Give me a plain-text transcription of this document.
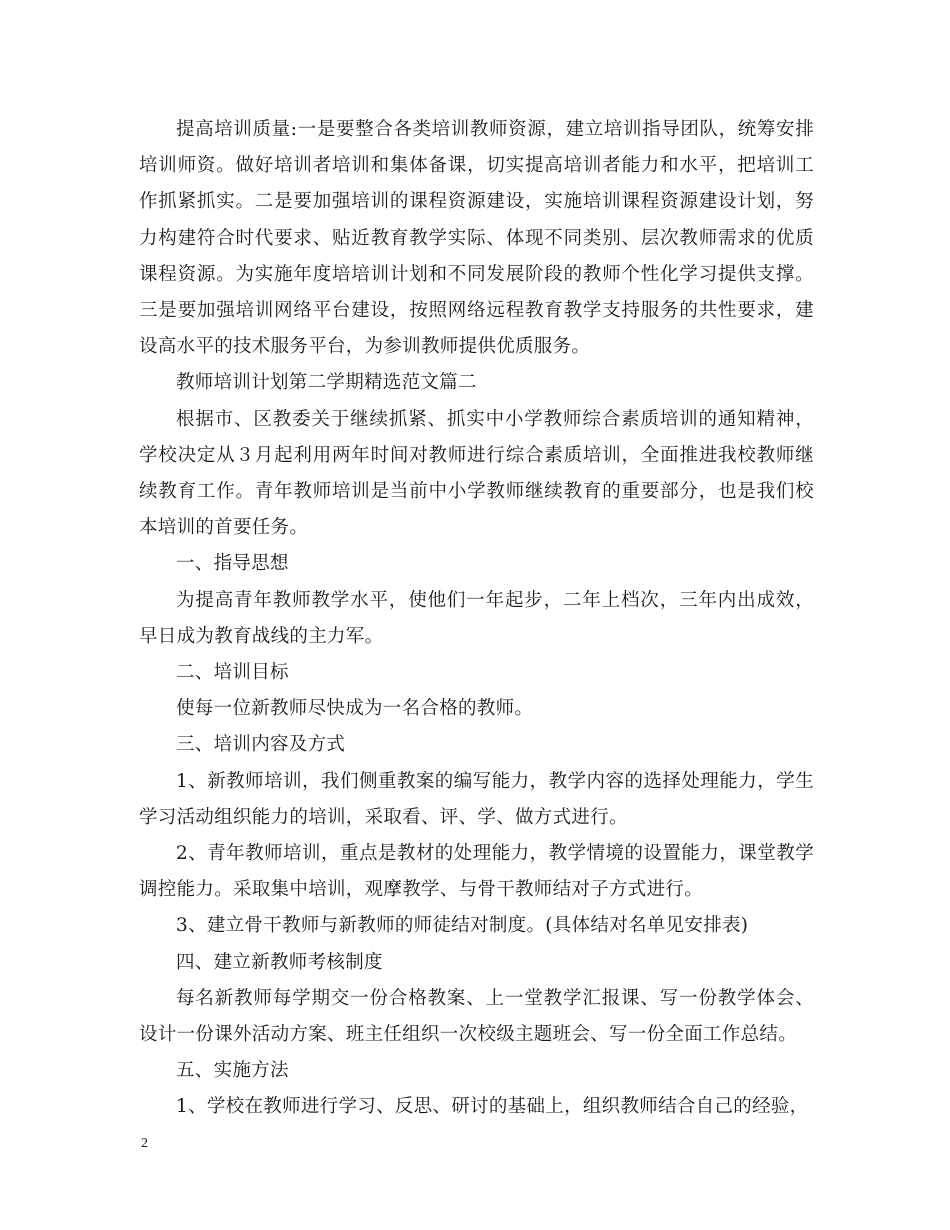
提高培训质量:一是要整合各类培训教师资源，建立培训指导团队，统筹安排培训师资。做好培训者培训和集体备课，切实提高培训者能力和水平，把培训工作抓紧抓实。二是要加强培训的课程资源建设，实施培训课程资源建设计划，努力构建符合时代要求、贴近教育教学实际、体现不同类别、层次教师需求的优质课程资源。为实施年度培培训计划和不同发展阶段的教师个性化学习提供支撑。三是要加强培训网络平台建设，按照网络远程教育教学支持服务的共性要求，建设高水平的技术服务平台，为参训教师提供优质服务。

教师培训计划第二学期精选范文篇二

根据市、区教委关于继续抓紧、抓实中小学教师综合素质培训的通知精神，学校决定从３月起利用两年时间对教师进行综合素质培训，全面推进我校教师继续教育工作。青年教师培训是当前中小学教师继续教育的重要部分，也是我们校本培训的首要任务。

一、指导思想

为提高青年教师教学水平，使他们一年起步，二年上档次，三年内出成效，早日成为教育战线的主力军。

二、培训目标

使每一位新教师尽快成为一名合格的教师。

三、培训内容及方式

1、新教师培训，我们侧重教案的编写能力，教学内容的选择处理能力，学生学习活动组织能力的培训，采取看、评、学、做方式进行。

2、青年教师培训，重点是教材的处理能力，教学情境的设置能力，课堂教学调控能力。采取集中培训，观摩教学、与骨干教师结对子方式进行。

3、建立骨干教师与新教师的师徒结对制度。(具体结对名单见安排表)

四、建立新教师考核制度

每名新教师每学期交一份合格教案、上一堂教学汇报课、写一份教学体会、设计一份课外活动方案、班主任组织一次校级主题班会、写一份全面工作总结。

五、实施方法

1、学校在教师进行学习、反思、研讨的基础上，组织教师结合自己的经验，

2
